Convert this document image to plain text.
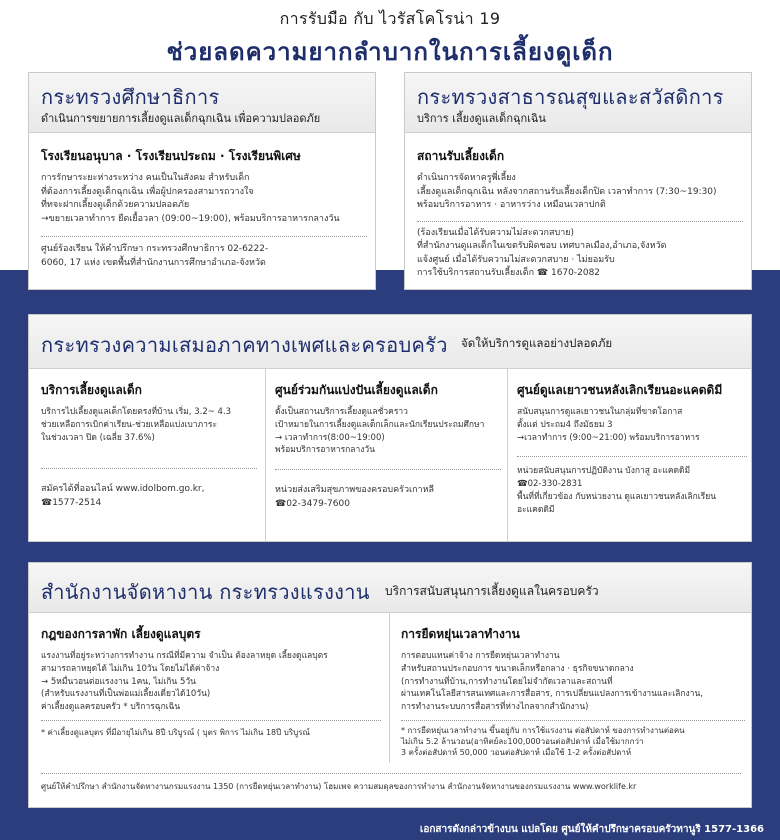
การรับมือ กับ ไวรัสโคโรน่า 19
ช่วยลดความยากลำบากในการเลี้ยงดูเด็ก
กระทรวงศึกษาธิการ
ดำเนินการขยายการเลี้ยงดูแลเด็กฉุกเฉิน เพื่อความปลอดภัย
โรงเรียนอนุบาล · โรงเรียนประถม · โรงเรียนพิเศษ
การรักษาระยะห่างระหว่าง คนเป็นในสังคม สำหรับเด็ก
ที่ต้องการเลี้ยงดูเด็กฉุกเฉิน เพื่อผู้ปกครองสามารถวางใจ
ที่ทจะฝากเลี้ยงดูเด็กด้วยความปลอดภัย
→ขยายเวลาทำการ ยืดเยื้อวลา (09:00~19:00), พร้อมบริการอาหารกลางวัน
ศูนย์ร้องเรียน ให้คำปรึกษา กระทรวงศึกษาธิการ 02-6222-
6060, 17 แห่ง เขตพื้นที่สำนักงานการศึกษาอำเภอ-จังหวัด
กระทรวงสาธารณสุขและสวัสดิการ
บริการ เลี้ยงดูแลเด็กฉุกเฉิน
สถานรับเลี้ยงเด็ก
ดำเนินการจัดหาครูพี่เลี้ยง
เลี้ยงดูแลเด็กฉุกเฉิน หลังจากสถานรับเลี้ยงเด็กปิด เวลาทำการ (7:30~19:30)
พร้อมบริการอาหาร · อาหารว่าง เหมือนเวลาปกติ
(ร้องเรียนเมื่อได้รับความไม่สะดวกสบาย)
ที่สำนักงานดูแลเด็กในเขตรับผิดชอบ เทศบาลเมือง,อำเภอ,จังหวัด
แจ้งศูนย์ เมื่อได้รับความไม่สะดวกสบาย · ไม่ยอมรับ
การใช้บริการสถานรับเลี้ยงเด็ก ☎ 1670-2082
กระทรวงความเสมอภาคทางเพศและครอบครัว จัดให้บริการดูแลอย่างปลอดภัย
บริการเลี้ยงดูแลเด็ก
บริการไปเลี้ยงดูแลเด็กโดยตรงที่บ้าน เริ่ม, 3.2~ 4.3
ช่วยเหลือการเบิกค่าเรียน-ช่วยเหลือแบ่งเบาภาระ
ในช่วงเวลา ปิด (เฉลี่ย 37.6%)
สมัครได้ที่ออนไลน์ www.idolbom.go.kr,
☎1577-2514
ศูนย์ร่วมกันแบ่งปันเลี้ยงดูแลเด็ก
ตั้งเป็นสถานบริการเลี้ยงดูแลชั่วคราว
เป้าหมายในการเลี้ยงดูแลเด็กเล็กและนักเรียนประถมศึกษา
→ เวลาทำการ(8:00~19:00)
พร้อมบริการอาหารกลางวัน
หน่วยส่งเสริมสุขภาพของครอบครัวเกาหลี
☎02-3479-7600
ศูนย์ดูแลเยาวชนหลังเลิกเรียนอะแคดดิมี
สนับสนุนการดูแลเยาวชนในกลุ่มที่ขาดโอกาส
ตั้งแต่ ประถม4 ถึงมัธยม 3
→เวลาทำการ (9:00~21:00) พร้อมบริการอาหาร
หน่วยสนับสนุนการปฏิบัติงาน บังกาสู อะแคดดิมี
☎02-330-2831
พื้นที่ที่เกี่ยวข้อง กับหน่วยงาน ดูแลเยาวชนหลังเลิกเรียน
อะแคดดิมี
สำนักงานจัดหางาน กระทรวงแรงงาน บริการสนับสนุนการเลี้ยงดูแลในครอบครัว
กฎของการลาพัก เลี้ยงดูแลบุตร
แรงงานที่อยู่ระหว่างการทำงาน กรณีที่มีความ จำเป็น ต้องลาหยุด เลี้ยงดูแลบุตร
สามารถลาหยุดได้ ไม่เกิน 10วัน โดยไม่ได้ค่าจ้าง
→ 5หมื่นวอนต่อแรงงาน 1คน, ไม่เกิน 5วัน
(สำหรับแรงงานที่เป็นพ่อแม่เลี้ยงเดี่ยวได้10วัน)
ค่าเลี้ยงดูแลครอบครัว * บริการฉุกเฉิน
* ค่าเลี้ยงดูแลบุตร ที่มีอายุไม่เกิน 8ปี บริบูรณ์ ( บุตร พิการ ไม่เกิน 18ปี บริบูรณ์
การยืดหยุ่นเวลาทำงาน
การตอบแทนค่าจ้าง การยืดหยุ่นเวลาทำงาน
สำหรับสถานประกอบการ ขนาดเล็กหรือกลาง · ธุรกิจขนาดกลาง
(การทำงานที่บ้าน,การทำงานโดยไม่จำกัดเวลาและสถานที่
ผ่านเทคโนโลยีสารสนเทศและการสื่อสาร, การเปลี่ยนแปลงการเข้างานและเลิกงาน,
การทำงานระบบการสื่อสารที่ห่างไกลจากสำนักงาน)
* การยืดหยุ่นเวลาทำงาน ขึ้นอยู่กับ การใช้แรงงาน ต่อสัปดาห์ ของการทำงานต่อคน
ไม่เกิน 5.2 ล้านวอน(อาทิตย์ละ100,000วอนต่อสัปดาห์ เมื่อใช้มากกว่า
3 ครั้งต่อสัปดาห์ 50,000 วอนต่อสัปดาห์ เมื่อใช้ 1-2 ครั้งต่อสัปดาห์
ศูนย์ให้คำปรึกษา สำนักงานจัดหางานกรมแรงงาน 1350 (การยืดหยุ่นเวลาทำงาน) โฮมเพจ ความสมดุลของการทำงาน สำนักงานจัดหางานของกรมแรงงาน www.worklife.kr
เอกสารดังกล่าวข้างบน แปลโดย ศูนย์ให้คำปรึกษาครอบครัวทานูริ 1577-1366
